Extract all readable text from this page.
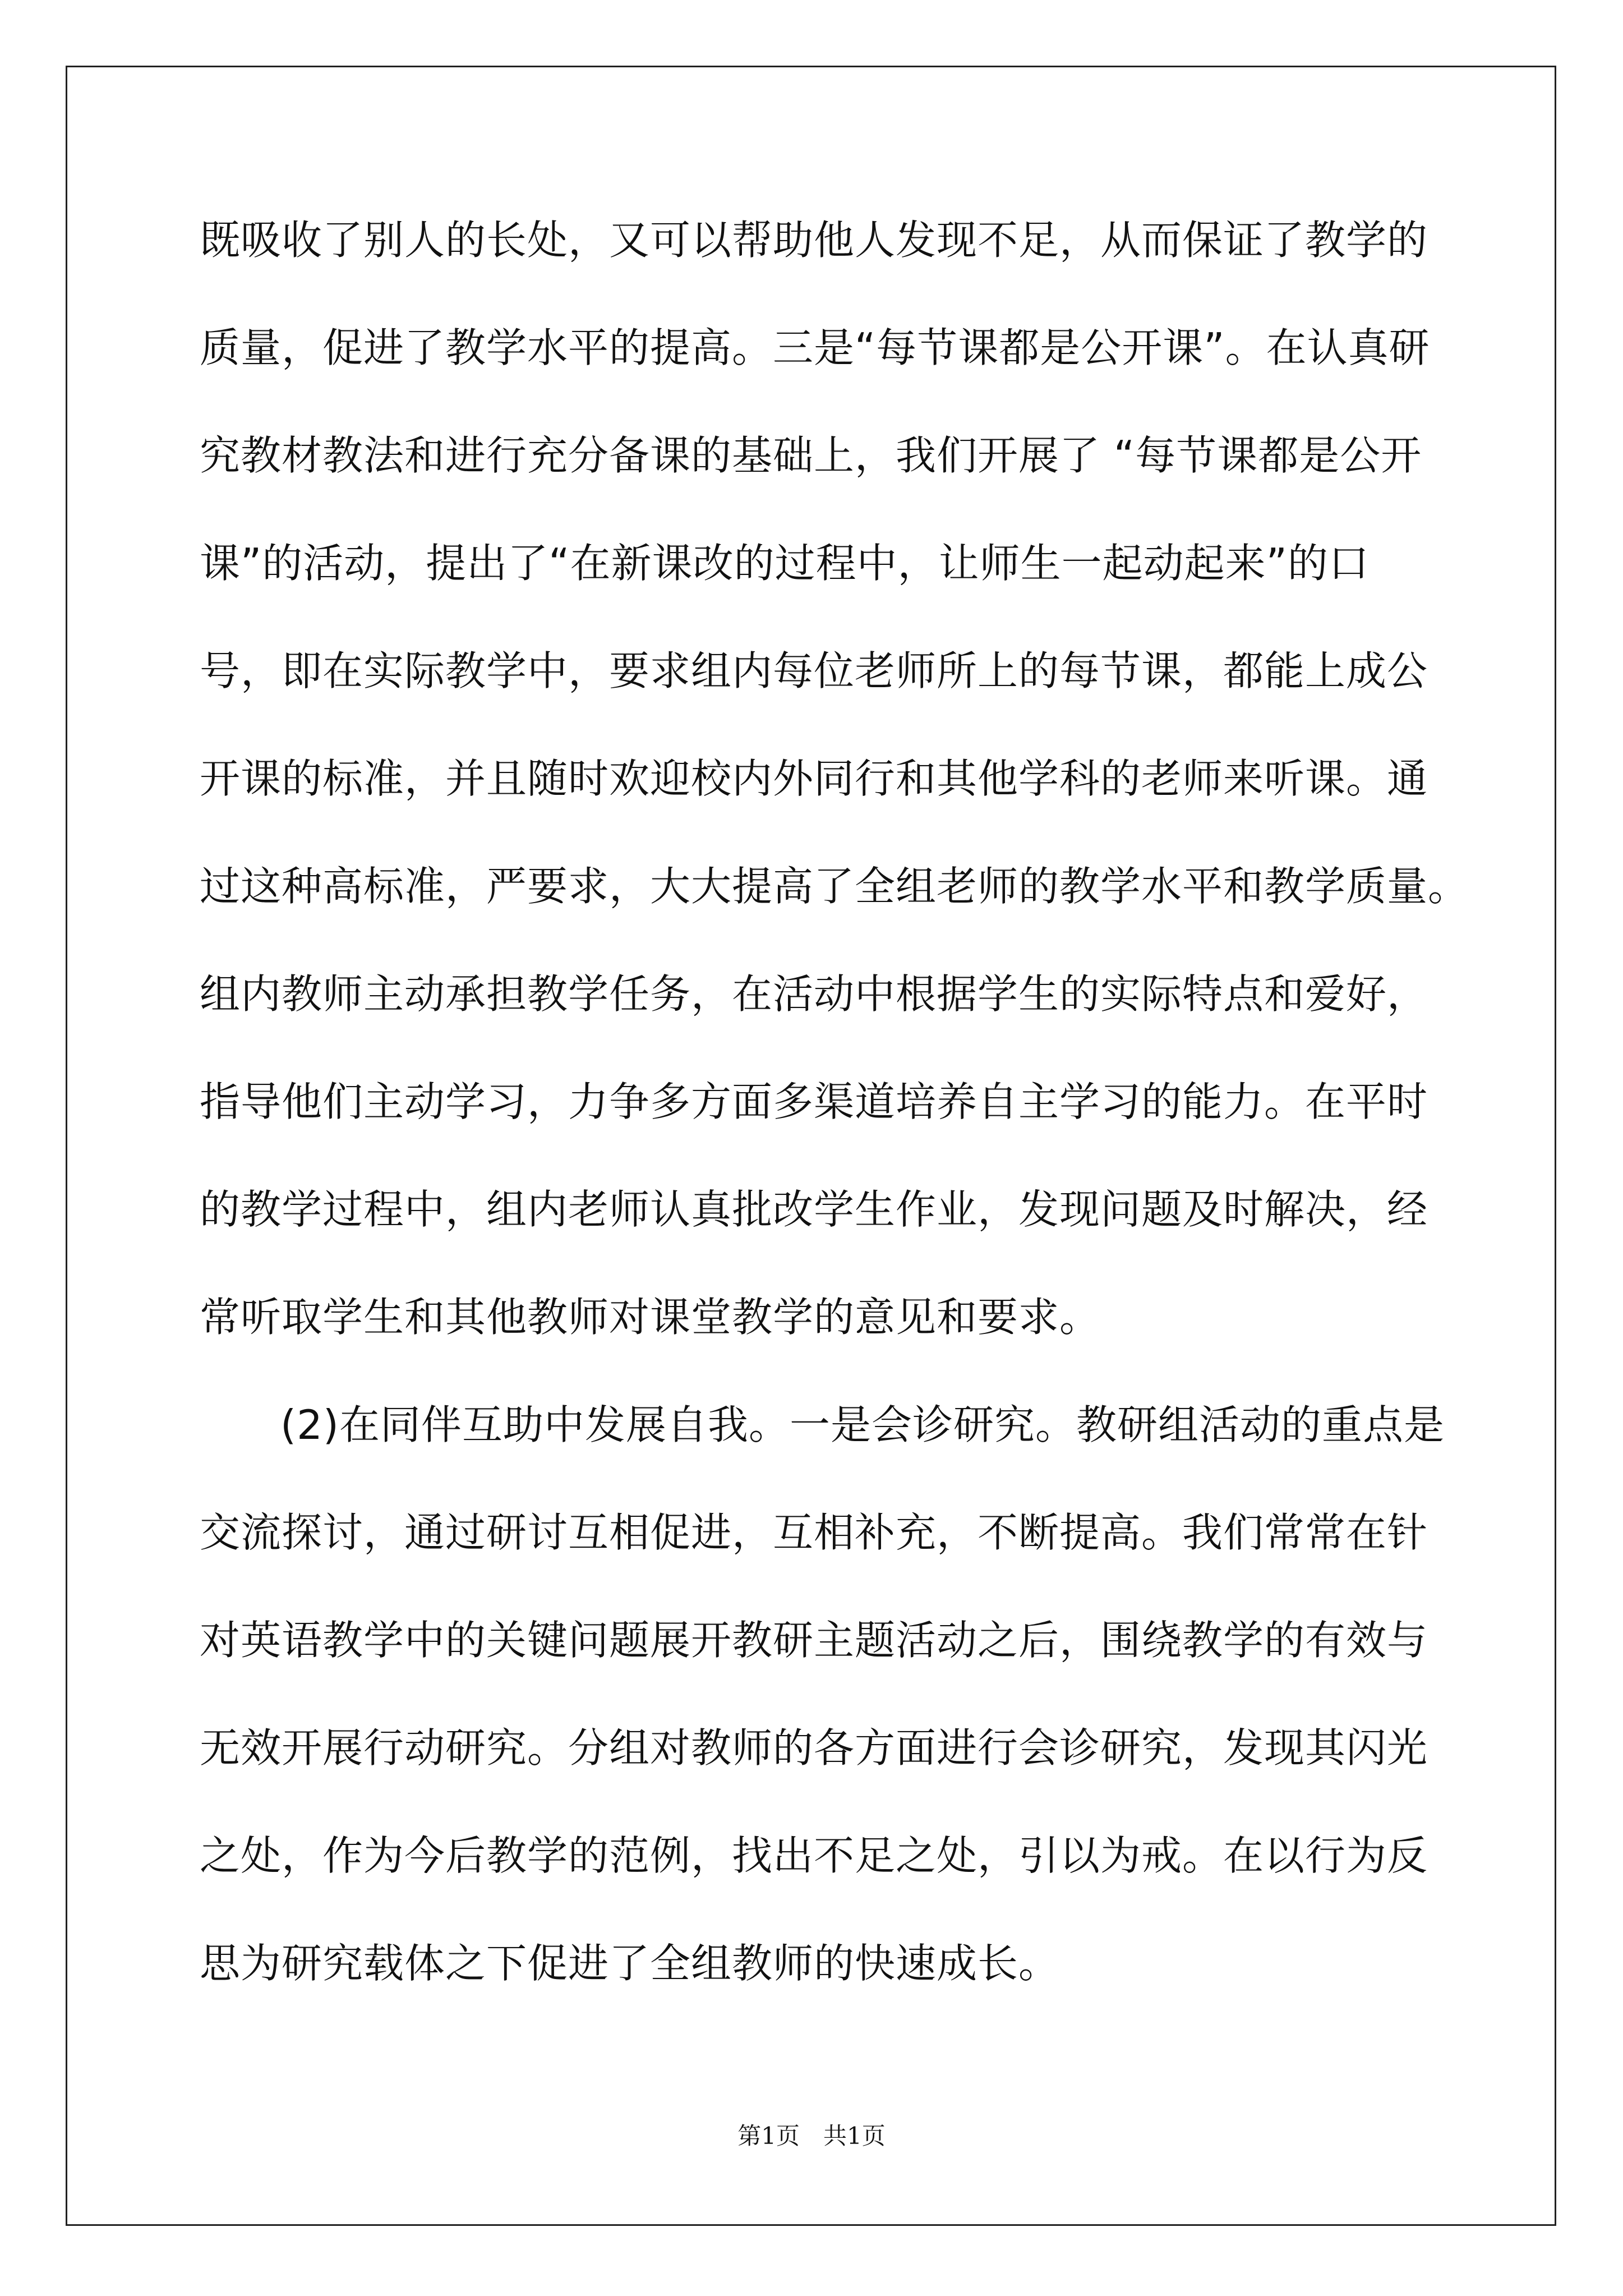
既吸收了别人的长处，又可以帮助他人发现不足，从而保证了教学的
质量，促进了教学水平的提高。三是“每节课都是公开课”。在认真研
究教材教法和进行充分备课的基础上，我们开展了 “每节课都是公开
课”的活动，提出了“在新课改的过程中，让师生一起动起来”的口
号，即在实际教学中，要求组内每位老师所上的每节课，都能上成公
开课的标准，并且随时欢迎校内外同行和其他学科的老师来听课。通
过这种高标准，严要求，大大提高了全组老师的教学水平和教学质量。
组内教师主动承担教学任务，在活动中根据学生的实际特点和爱好，
指导他们主动学习，力争多方面多渠道培养自主学习的能力。在平时
的教学过程中，组内老师认真批改学生作业，发现问题及时解决，经
常听取学生和其他教师对课堂教学的意见和要求。
(2)在同伴互助中发展自我。一是会诊研究。教研组活动的重点是
交流探讨，通过研讨互相促进，互相补充，不断提高。我们常常在针
对英语教学中的关键问题展开教研主题活动之后，围绕教学的有效与
无效开展行动研究。分组对教师的各方面进行会诊研究，发现其闪光
之处，作为今后教学的范例，找出不足之处，引以为戒。在以行为反
思为研究载体之下促进了全组教师的快速成长。
第1页　共1页
